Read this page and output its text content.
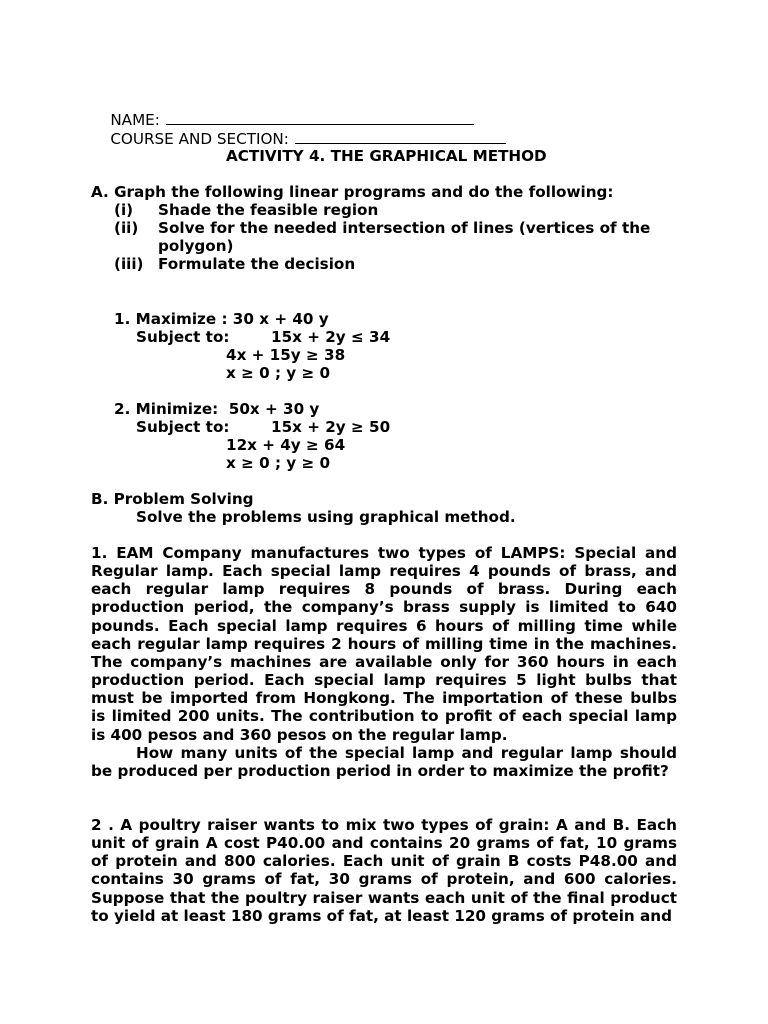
NAME:

COURSE AND SECTION:

ACTIVITY 4. THE GRAPHICAL METHOD
A. Graph the following linear programs and do the following:
(i) Shade the feasible region
(ii) Solve for the needed intersection of lines (vertices of the
polygon)
(iii) Formulate the decision
1. Maximize : 30 x + 40 y
Subject to:	15x + 2y ≤ 34
4x + 15y ≥ 38
x ≥ 0 ; y ≥ 0
2. Minimize:  50x + 30 y
Subject to:	15x + 2y ≥ 50
12x + 4y ≥ 64
x ≥ 0 ; y ≥ 0
B. Problem Solving
Solve the problems using graphical method.

1. EAM Company manufactures two types of LAMPS: Special and Regular lamp. Each special lamp requires 4 pounds of brass, and each regular lamp requires 8 pounds of brass. During each production period, the company’s brass supply is limited to 640 pounds. Each special lamp requires 6 hours of milling time while each regular lamp requires 2 hours of milling time in the machines. The company’s machines are available only for 360 hours in each production period. Each special lamp requires 5 light bulbs that must be imported from Hongkong. The importation of these bulbs is limited 200 units. The contribution to profit of each special lamp is 400 pesos and 360 pesos on the regular lamp.

How many units of the special lamp and regular lamp should be produced per production period in order to maximize the profit?

2 . A poultry raiser wants to mix two types of grain: A and B. Each unit of grain A cost P40.00 and contains 20 grams of fat, 10 grams of protein and 800 calories. Each unit of grain B costs P48.00 and contains 30 grams of fat, 30 grams of protein, and 600 calories. Suppose that the poultry raiser wants each unit of the final product to yield at least 180 grams of fat, at least 120 grams of protein and
